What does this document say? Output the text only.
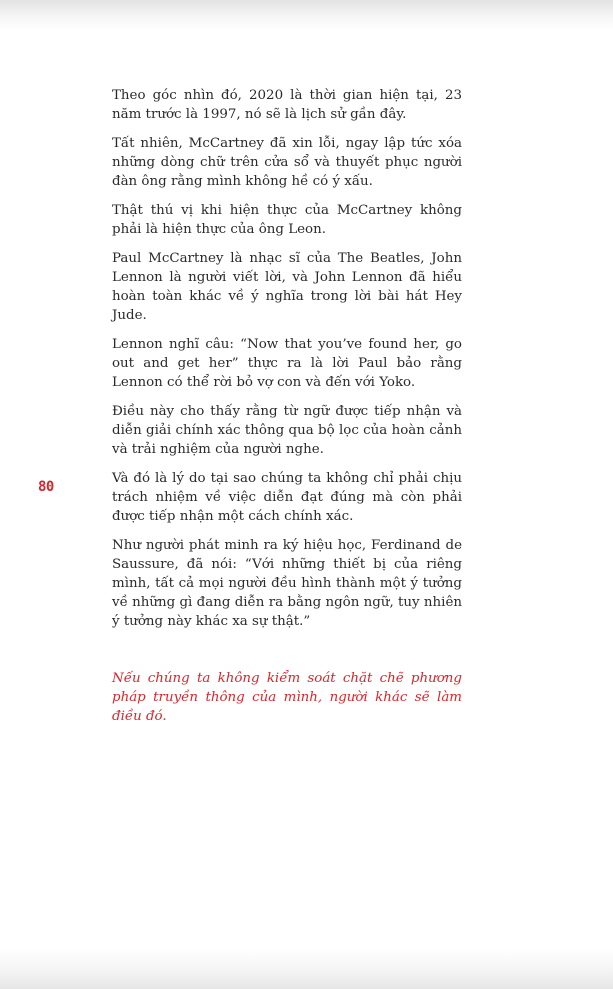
Theo góc nhìn đó, 2020 là thời gian hiện tại, 23 năm trước là 1997, nó sẽ là lịch sử gần đây.

Tất nhiên, McCartney đã xin lỗi, ngay lập tức xóa những dòng chữ trên cửa sổ và thuyết phục người đàn ông rằng mình không hề có ý xấu.

Thật thú vị khi hiện thực của McCartney không phải là hiện thực của ông Leon.

Paul McCartney là nhạc sĩ của The Beatles, John Lennon là người viết lời, và John Lennon đã hiểu hoàn toàn khác về ý nghĩa trong lời bài hát Hey Jude.

Lennon nghĩ câu: “Now that you’ve found her, go out and get her” thực ra là lời Paul bảo rằng Lennon có thể rời bỏ vợ con và đến với Yoko.

Điều này cho thấy rằng từ ngữ được tiếp nhận và diễn giải chính xác thông qua bộ lọc của hoàn cảnh và trải nghiệm của người nghe.

Và đó là lý do tại sao chúng ta không chỉ phải chịu trách nhiệm về việc diễn đạt đúng mà còn phải được tiếp nhận một cách chính xác.

Như người phát minh ra ký hiệu học, Ferdinand de Saussure, đã nói: “Với những thiết bị của riêng mình, tất cả mọi người đều hình thành một ý tưởng về những gì đang diễn ra bằng ngôn ngữ, tuy nhiên ý tưởng này khác xa sự thật.”

Nếu chúng ta không kiểm soát chặt chẽ phương pháp truyền thông của mình, người khác sẽ làm điều đó.

80
